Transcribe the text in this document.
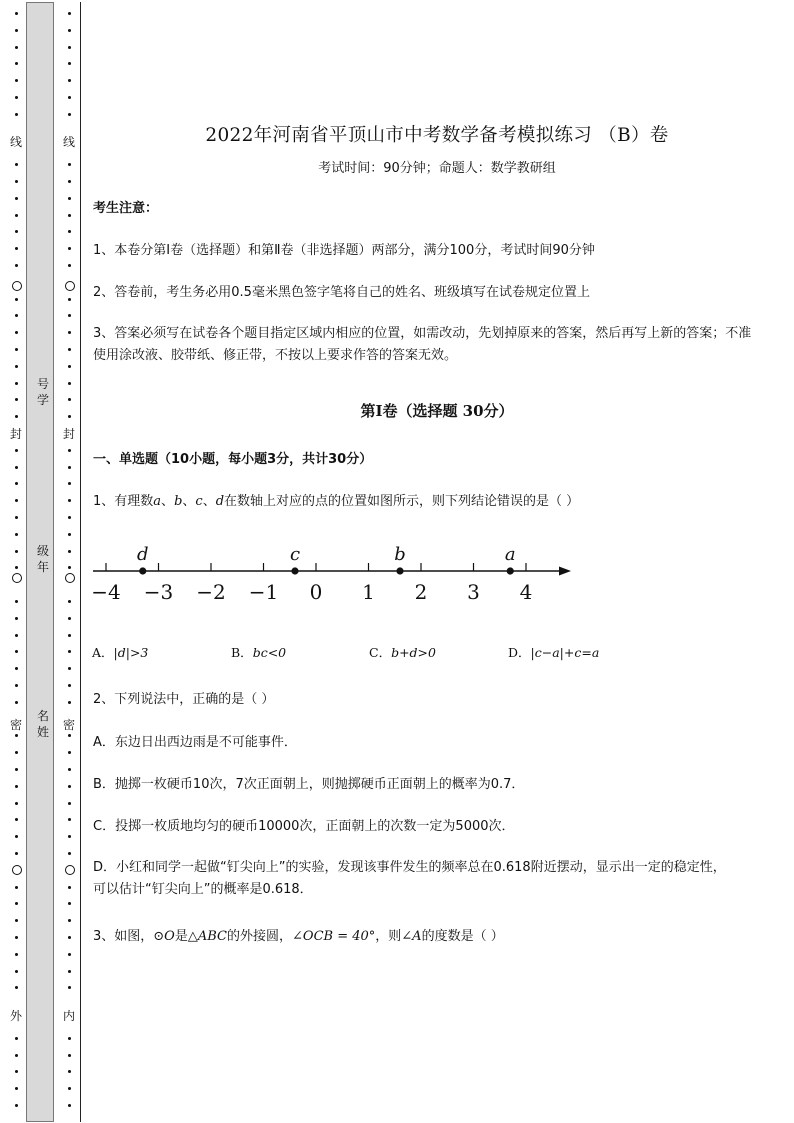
线
封
密
外
线
封
密
内
号学
级年
名姓
2022年河南省平顶山市中考数学备考模拟练习 （B）卷
考试时间：90分钟；命题人：数学教研组
考生注意：
1、本卷分第I卷（选择题）和第Ⅱ卷（非选择题）两部分，满分100分，考试时间90分钟
2、答卷前，考生务必用0.5毫米黑色签字笔将自己的姓名、班级填写在试卷规定位置上
3、答案必须写在试卷各个题目指定区域内相应的位置，如需改动，先划掉原来的答案，然后再写上新的答案；不准使用涂改液、胶带纸、修正带，不按以上要求作答的答案无效。
第I卷（选择题 30分）
一、单选题（10小题，每小题3分，共计30分）
1、有理数a、b、c、d在数轴上对应的点的位置如图所示，则下列结论错误的是（ ）
−4 −3 −2 −1 0 1 2 3 4
d	c	b	a
A．|d|>3	B．bc<0	C．b+d>0	D．|c−a|+c=a
2、下列说法中，正确的是（ ）
A．东边日出西边雨是不可能事件．
B．抛掷一枚硬币10次，7次正面朝上，则抛掷硬币正面朝上的概率为0.7．
C．投掷一枚质地均匀的硬币10000次，正面朝上的次数一定为5000次．
D．小红和同学一起做“钉尖向上”的实验，发现该事件发生的频率总在0.618附近摆动，显示出一定的稳定性，可以估计“钉尖向上”的概率是0.618．
3、如图，⊙O是△ABC的外接圆，∠OCB = 40°，则∠A的度数是（ ）
